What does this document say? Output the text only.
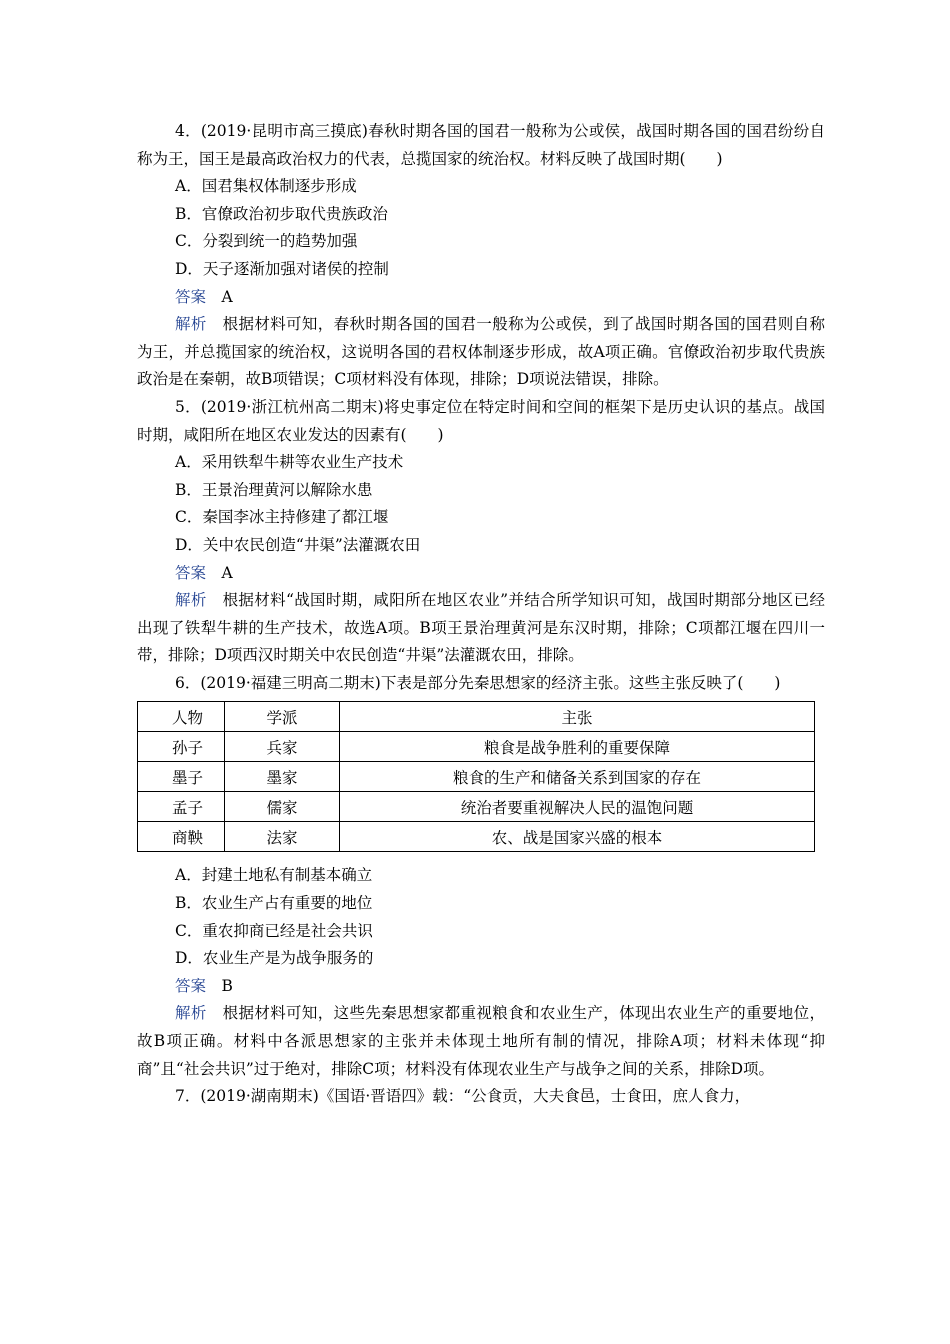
4．(2019·昆明市高三摸底)春秋时期各国的国君一般称为公或侯，战国时期各国的国君纷纷自称为王，国王是最高政治权力的代表，总揽国家的统治权。材料反映了战国时期(　　)

A．国君集权体制逐步形成

B．官僚政治初步取代贵族政治

C．分裂到统一的趋势加强

D．天子逐渐加强对诸侯的控制

答案　 A

解析　 根据材料可知，春秋时期各国的国君一般称为公或侯，到了战国时期各国的国君则自称为王，并总揽国家的统治权，这说明各国的君权体制逐步形成，故A项正确。官僚政治初步取代贵族政治是在秦朝，故B项错误；C项材料没有体现，排除；D项说法错误，排除。

5．(2019·浙江杭州高二期末)将史事定位在特定时间和空间的框架下是历史认识的基点。战国时期，咸阳所在地区农业发达的因素有(　　)

A．采用铁犁牛耕等农业生产技术

B．王景治理黄河以解除水患

C．秦国李冰主持修建了都江堰

D．关中农民创造“井渠”法灌溉农田

答案　 A

解析　 根据材料“战国时期，咸阳所在地区农业”并结合所学知识可知，战国时期部分地区已经出现了铁犁牛耕的生产技术，故选A项。B项王景治理黄河是东汉时期，排除；C项都江堰在四川一带，排除；D项西汉时期关中农民创造“井渠”法灌溉农田，排除。

6．(2019·福建三明高二期末)下表是部分先秦思想家的经济主张。这些主张反映了(　　)

人物	学派	主张
孙子	兵家	粮食是战争胜利的重要保障
墨子	墨家	粮食的生产和储备关系到国家的存在
孟子	儒家	统治者要重视解决人民的温饱问题
商鞅	法家	农、战是国家兴盛的根本

A．封建土地私有制基本确立

B．农业生产占有重要的地位

C．重农抑商已经是社会共识

D．农业生产是为战争服务的

答案　 B

解析　 根据材料可知，这些先秦思想家都重视粮食和农业生产，体现出农业生产的重要地位，故B项正确。材料中各派思想家的主张并未体现土地所有制的情况，排除A项；材料未体现“抑商”且“社会共识”过于绝对，排除C项；材料没有体现农业生产与战争之间的关系，排除D项。

7．(2019·湖南期末)《国语·晋语四》载：“公食贡，大夫食邑，士食田，庶人食力，
